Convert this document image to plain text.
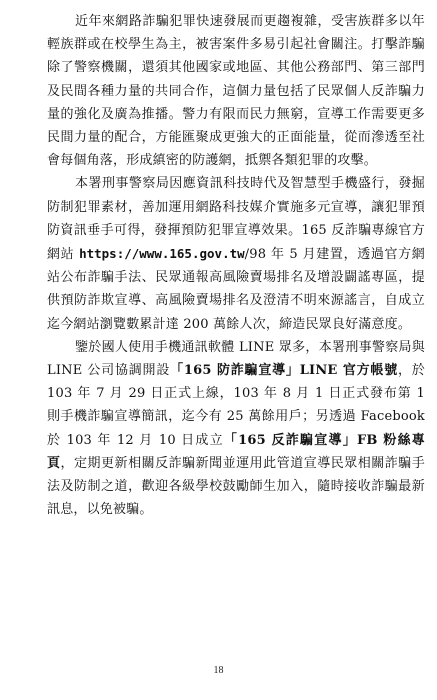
近年來網路詐騙犯罪快速發展而更趨複雜，受害族群多以年輕族群或在校學生為主，被害案件多易引起社會關注。打擊詐騙除了警察機關，還須其他國家或地區、其他公務部門、第三部門及民間各種力量的共同合作，這個力量包括了民眾個人反詐騙力量的強化及廣為推播。警力有限而民力無窮，宣導工作需要更多民間力量的配合，方能匯聚成更強大的正面能量，從而滲透至社會每個角落，形成縝密的防護網，抵禦各類犯罪的攻擊。

本署刑事警察局因應資訊科技時代及智慧型手機盛行，發掘防制犯罪素材，善加運用網路科技媒介實施多元宣導，讓犯罪預防資訊垂手可得，發揮預防犯罪宣導效果。165 反詐騙專線官方網站 https://www.165.gov.tw/98 年 5 月建置，透過官方網站公布詐騙手法、民眾通報高風險賣場排名及增設闢謠專區，提供預防詐欺宣導、高風險賣場排名及澄清不明來源謠言，自成立迄今網站瀏覽數累計達 200 萬餘人次，締造民眾良好滿意度。

鑒於國人使用手機通訊軟體 LINE 眾多，本署刑事警察局與 LINE 公司協調開設「165 防詐騙宣導」LINE 官方帳號，於 103 年 7 月 29 日正式上線，103 年 8 月 1 日正式發布第 1 則手機詐騙宣導簡訊，迄今有 25 萬餘用戶；另透過 Facebook 於 103 年 12 月 10 日成立「165 反詐騙宣導」FB 粉絲專頁，定期更新相關反詐騙新聞並運用此管道宣導民眾相關詐騙手法及防制之道，歡迎各級學校鼓勵師生加入，隨時接收詐騙最新訊息，以免被騙。

18
